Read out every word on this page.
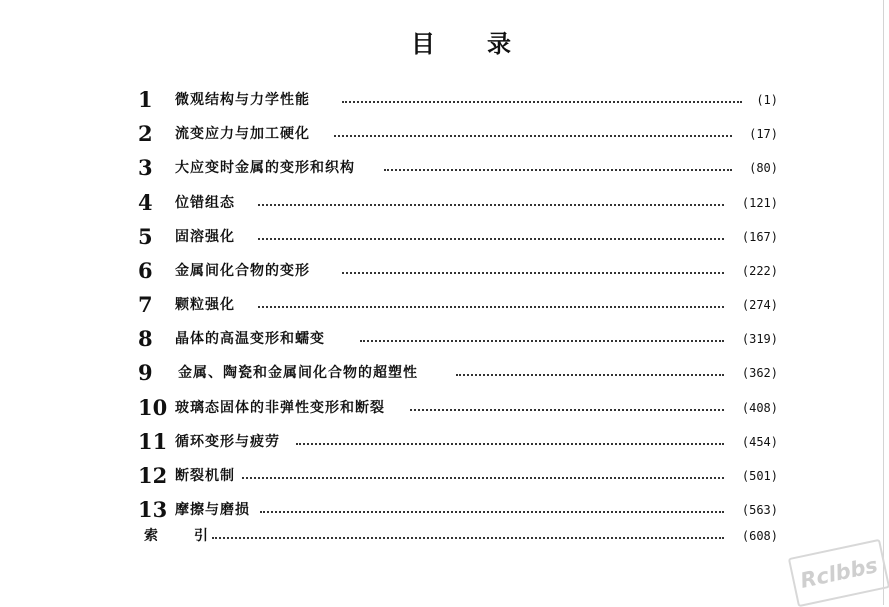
目录
1 微观结构与力学性能	(1)
2 流变应力与加工硬化	(17)
3 大应变时金属的变形和织构	(80)
4 位错组态	(121)
5 固溶强化	(167)
6 金属间化合物的变形	(222)
7 颗粒强化	(274)
8 晶体的高温变形和蠕变	(319)
9 金属、陶瓷和金属间化合物的超塑性	(362)
10 玻璃态固体的非弹性变形和断裂	(408)
11 循环变形与疲劳	(454)
12 断裂机制	(501)
13 摩擦与磨损	(563)
索	引	(608)
Rclbbs
